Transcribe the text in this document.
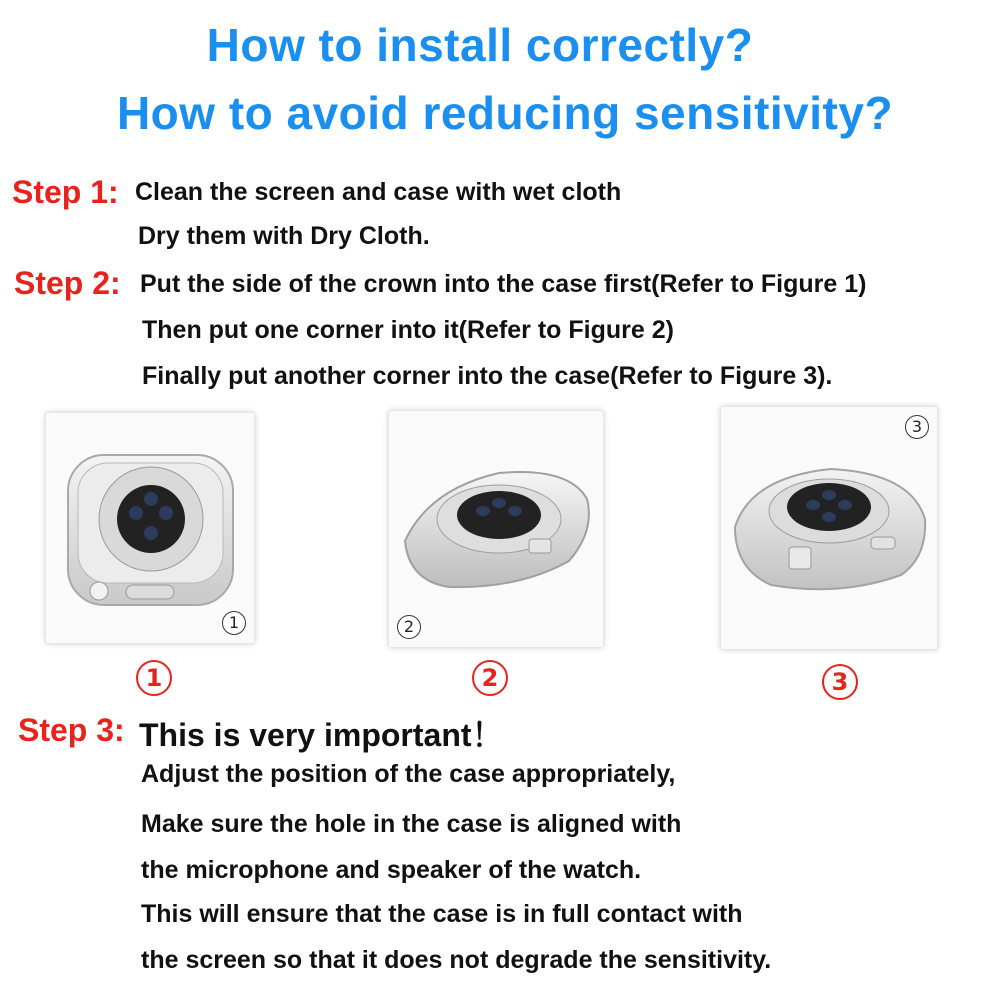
How to install correctly?
How to avoid reducing sensitivity?
Step 1: Clean the screen and case with wet cloth
Dry them with Dry Cloth.
Step 2: Put the side of the crown into the case first(Refer to Figure 1)
Then put one corner into it(Refer to Figure 2)
Finally put another corner into the case(Refer to Figure 3).
1	2
3
1	2	3
Step 3: This is very important！
Adjust the position of the case appropriately,
Make sure the hole in the case is aligned with
the microphone and speaker of the watch.
This will ensure that the case is in full contact with
the screen so that it does not degrade the sensitivity.
